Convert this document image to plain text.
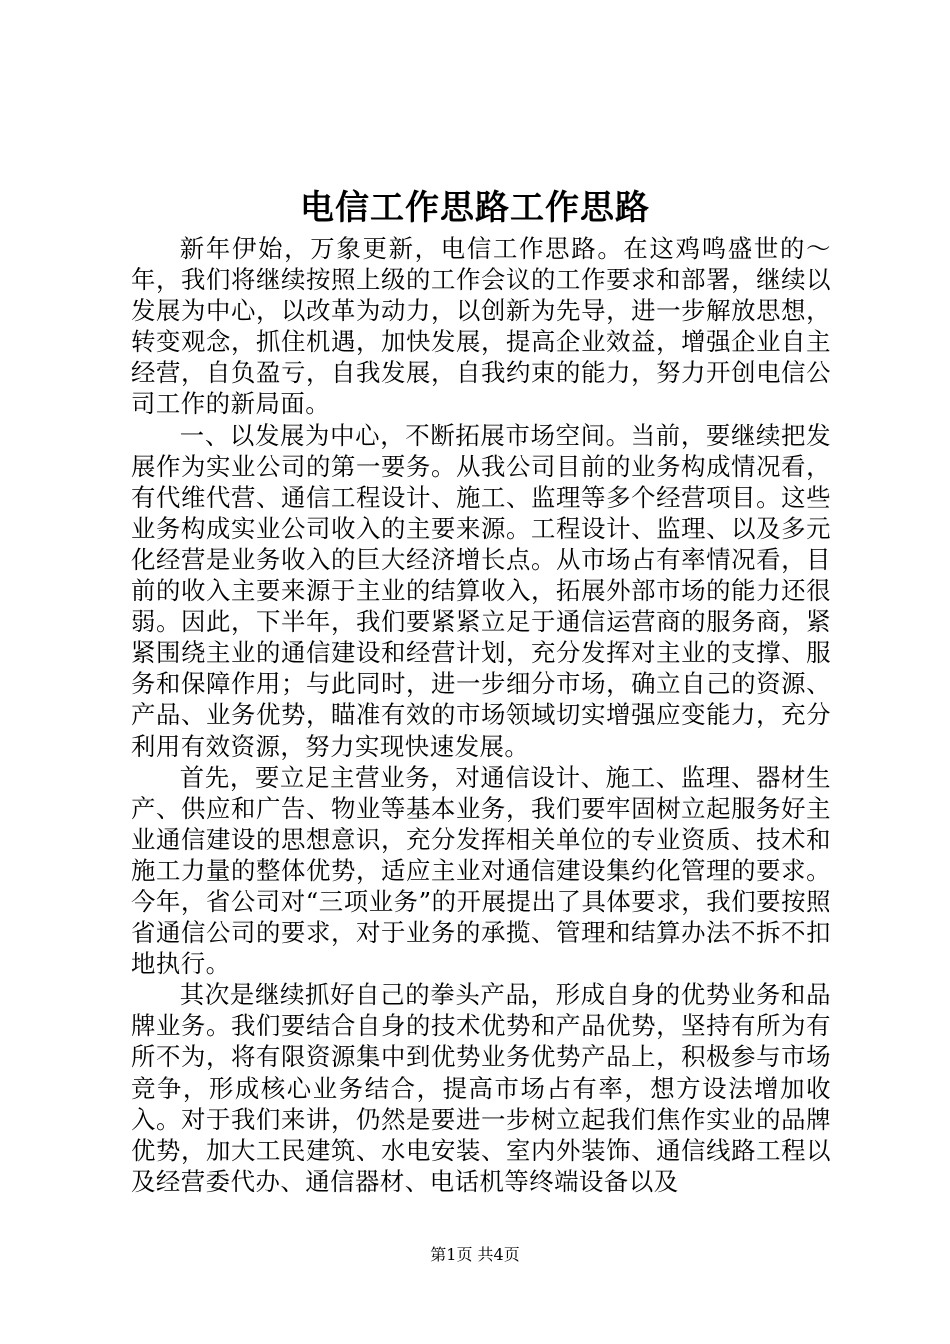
电信工作思路工作思路

新年伊始，万象更新，电信工作思路。在这鸡鸣盛世的～年，我们将继续按照上级的工作会议的工作要求和部署，继续以发展为中心，以改革为动力，以创新为先导，进一步解放思想，转变观念，抓住机遇，加快发展，提高企业效益，增强企业自主经营，自负盈亏，自我发展，自我约束的能力，努力开创电信公司工作的新局面。

一、以发展为中心，不断拓展市场空间。当前，要继续把发展作为实业公司的第一要务。从我公司目前的业务构成情况看，有代维代营、通信工程设计、施工、监理等多个经营项目。这些业务构成实业公司收入的主要来源。工程设计、监理、以及多元化经营是业务收入的巨大经济增长点。从市场占有率情况看，目前的收入主要来源于主业的结算收入，拓展外部市场的能力还很弱。因此，下半年，我们要紧紧立足于通信运营商的服务商，紧紧围绕主业的通信建设和经营计划，充分发挥对主业的支撑、服务和保障作用；与此同时，进一步细分市场，确立自己的资源、产品、业务优势，瞄准有效的市场领域切实增强应变能力，充分利用有效资源，努力实现快速发展。

首先，要立足主营业务，对通信设计、施工、监理、器材生产、供应和广告、物业等基本业务，我们要牢固树立起服务好主业通信建设的思想意识，充分发挥相关单位的专业资质、技术和施工力量的整体优势，适应主业对通信建设集约化管理的要求。今年，省公司对“三项业务”的开展提出了具体要求，我们要按照省通信公司的要求，对于业务的承揽、管理和结算办法不拆不扣地执行。

其次是继续抓好自己的拳头产品，形成自身的优势业务和品牌业务。我们要结合自身的技术优势和产品优势，坚持有所为有所不为，将有限资源集中到优势业务优势产品上，积极参与市场竞争，形成核心业务结合，提高市场占有率，想方设法增加收入。对于我们来讲，仍然是要进一步树立起我们焦作实业的品牌优势，加大工民建筑、水电安装、室内外装饰、通信线路工程以及经营委代办、通信器材、电话机等终端设备以及

第1页 共4页
